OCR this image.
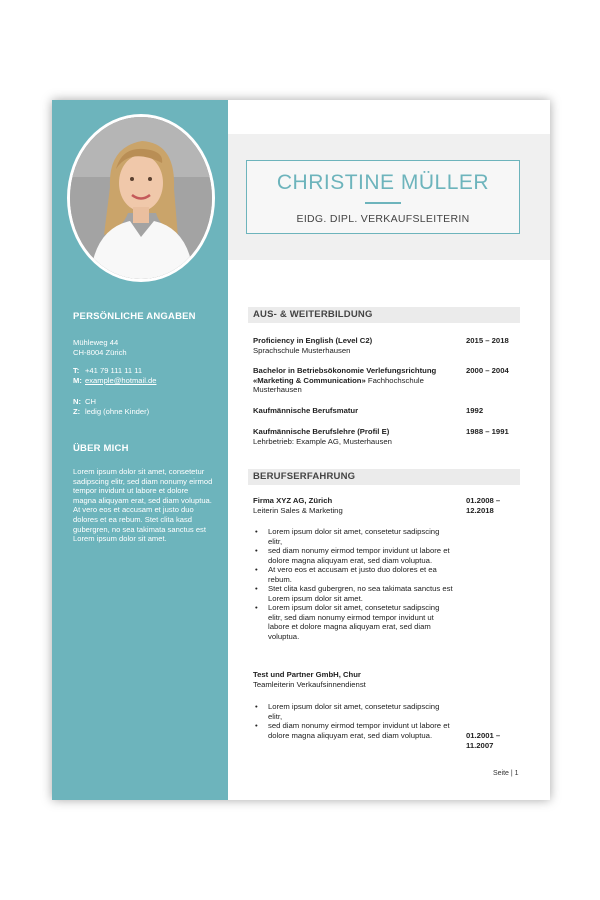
PERSÖNLICHE ANGABEN
Mühleweg 44
CH-8004 Zürich
T: +41 79 111 11 11
M: example@hotmail.de
N: CH
Z: ledig (ohne Kinder)
ÜBER MICH
Lorem ipsum dolor sit amet, consetetur sadipscing elitr, sed diam nonumy eirmod tempor invidunt ut labore et dolore magna aliquyam erat, sed diam voluptua. At vero eos et accusam et justo duo dolores et ea rebum. Stet clita kasd gubergren, no sea takimata sanctus est Lorem ipsum dolor sit amet.
CHRISTINE MÜLLER
EIDG. DIPL. VERKAUFSLEITERIN
AUS- & WEITERBILDUNG
Proficiency in English (Level C2)
Sprachschule Musterhausen
2015 – 2018
Bachelor in Betriebsökonomie Verlefungsrichtung «Marketing & Communication» Fachhochschule Musterhausen
2000 – 2004
Kaufmännische Berufsmatur	1992
Kaufmännische Berufslehre (Profil E)
Lehrbetrieb: Example AG, Musterhausen
1988 – 1991
BERUFSERFAHRUNG
Firma XYZ AG, Zürich
Leiterin Sales & Marketing
01.2008 – 12.2018
• Lorem ipsum dolor sit amet, consetetur sadipscing elitr,
• sed diam nonumy eirmod tempor invidunt ut labore et dolore magna aliquyam erat, sed diam voluptua.
• At vero eos et accusam et justo duo dolores et ea rebum.
• Stet clita kasd gubergren, no sea takimata sanctus est Lorem ipsum dolor sit amet.
• Lorem ipsum dolor sit amet, consetetur sadipscing elitr, sed diam nonumy eirmod tempor invidunt ut labore et dolore magna aliquyam erat, sed diam voluptua.
Test und Partner GmbH, Chur
Teamleiterin Verkaufsinnendienst
• Lorem ipsum dolor sit amet, consetetur sadipscing elitr,
• sed diam nonumy eirmod tempor invidunt ut labore et dolore magna aliquyam erat, sed diam voluptua.	01.2001 – 11.2007
Seite | 1
